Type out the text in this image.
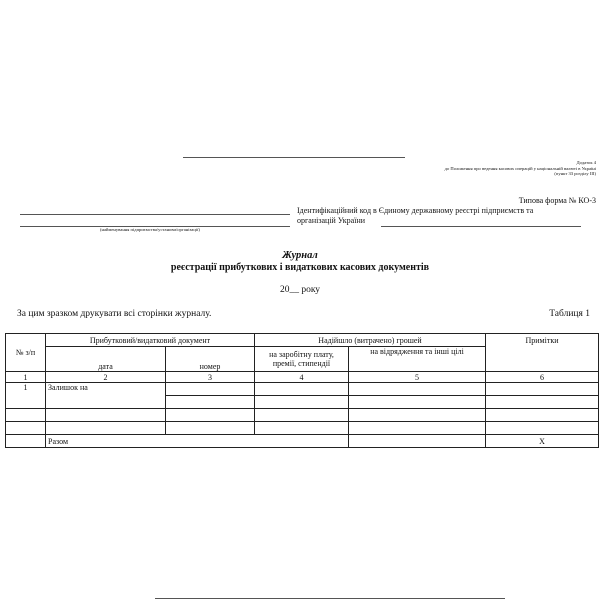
Додаток 4
до Положення про ведення касових операцій у національній валюті в Україні
(пункт 33 розділу ІІІ)
Типова форма № КО-3
(найменування підприємства/установи/організації)
Ідентифікаційний код в Єдиному державному реєстрі підприємств та
організацій України
Журнал
реєстрації прибуткових і видаткових касових документів
20__ року
За цим зразком друкувати всі сторінки журналу.	Таблиця 1
№ з/п	Прибутковий/видатковий документ		Надійшло (витрачено) грошей		Примітки
	дата	номер	на заробітну плату, премії, стипендії	на відрядження та інші цілі	
1	2	3	4	5	6
1	Залишок на				

	Разом				Х
